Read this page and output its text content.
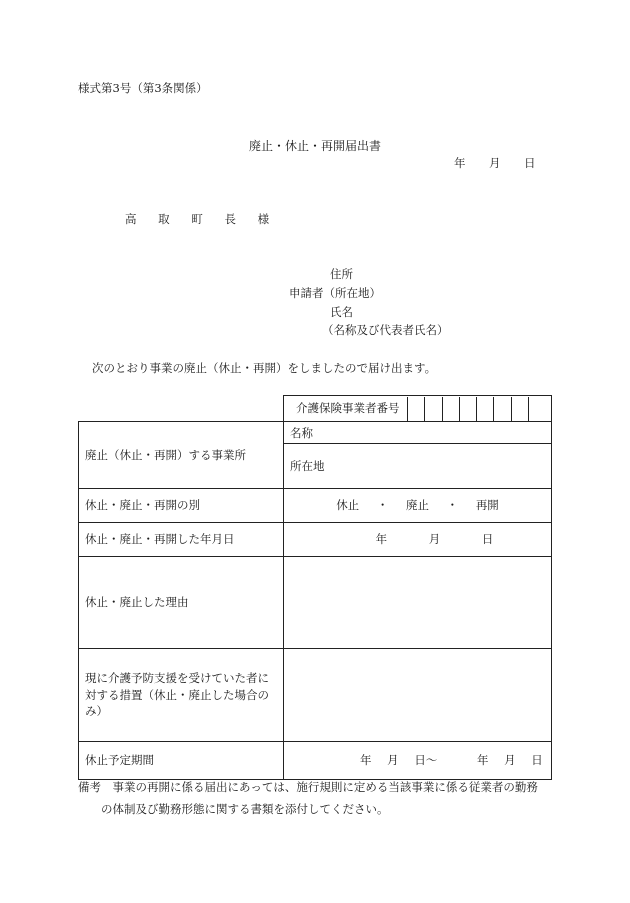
様式第3号（第3条関係）
廃止・休止・再開届出書
年 月 日
高 取 町 長 様
住所
申請者（所在地）
氏名
（名称及び代表者氏名）
次のとおり事業の廃止（休止・再開）をしましたので届け出ます。

介護保険事業者番号

廃止（休止・再開）する事業所	名称
	所在地
休止・廃止・再開の別	休止 ・ 廃止 ・ 再開
休止・廃止・再開した年月日	年 月 日
休止・廃止した理由	
現に介護予防支援を受けていた者に対する措置（休止・廃止した場合のみ）	
休止予定期間	年 月 日～ 年 月 日
備考　事業の再開に係る届出にあっては、施行規則に定める当該事業に係る従業者の勤務
の体制及び勤務形態に関する書類を添付してください。
